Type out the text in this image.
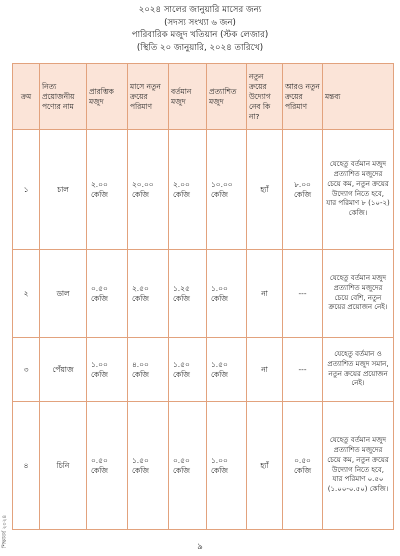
২০২৪ সালের জানুয়ারি মাসের জন্য
(সদস্য সংখ্যা ৬ জন)
পারিবারিক মজুদ খতিয়ান (স্টক লেজার)
(স্থিতি ২০ জানুয়ারি, ২০২৪ তারিখে)
ক্রম	নিত্য প্রয়োজনীয় পণ্যের নাম	প্রারম্ভিক মজুদ	মাসে নতুন ক্রয়ের পরিমাণ	বর্তমান মজুদ	প্রত্যাশিত মজুদ	নতুন ক্রয়ের উদ্যোগ নেব কি না?	আরও নতুন ক্রয়ের পরিমাণ	মন্তব্য
১	চাল	২.০০ কেজি	২০.০০ কেজি	২.০০ কেজি	১০.০০ কেজি	হ্যাঁ	৮.০০ কেজি	যেহেতু বর্তমান মজুদ প্রত্যাশিত মজুদের চেয়ে কম, নতুন ক্রয়ের উদ্যোগ নিতে হবে, যার পরিমাণ ৮ (১০-২) কেজি।
২	ডাল	০.৫০ কেজি	২.৫০ কেজি	১.২৫ কেজি	১.০০ কেজি	না	---	যেহেতু বর্তমান মজুদ প্রত্যাশিত মজুদের চেয়ে বেশি, নতুন ক্রয়ের প্রয়োজন নেই।
৩	পেঁয়াজ	১.০০ কেজি	৪.০০ কেজি	১.৫০ কেজি	১.৫০ কেজি	না	---	যেহেতু বর্তমান ও প্রত্যাশিত মজুদ সমান, নতুন ক্রয়ের প্রয়োজন নেই।
৪	চিনি	০.৫০ কেজি	১.৫০ কেজি	০.৫০ কেজি	১.০০ কেজি	হ্যাঁ	০.৫০ কেজি	যেহেতু বর্তমান মজুদ প্রত্যাশিত মজুদের চেয়ে কম, নতুন ক্রয়ের উদ্যোগ নিতে হবে, যার পরিমাণ ০.৫০ (১.০০-০.৫০) কেজি।
শিক্ষাবর্ষ ২০২৪	৯
